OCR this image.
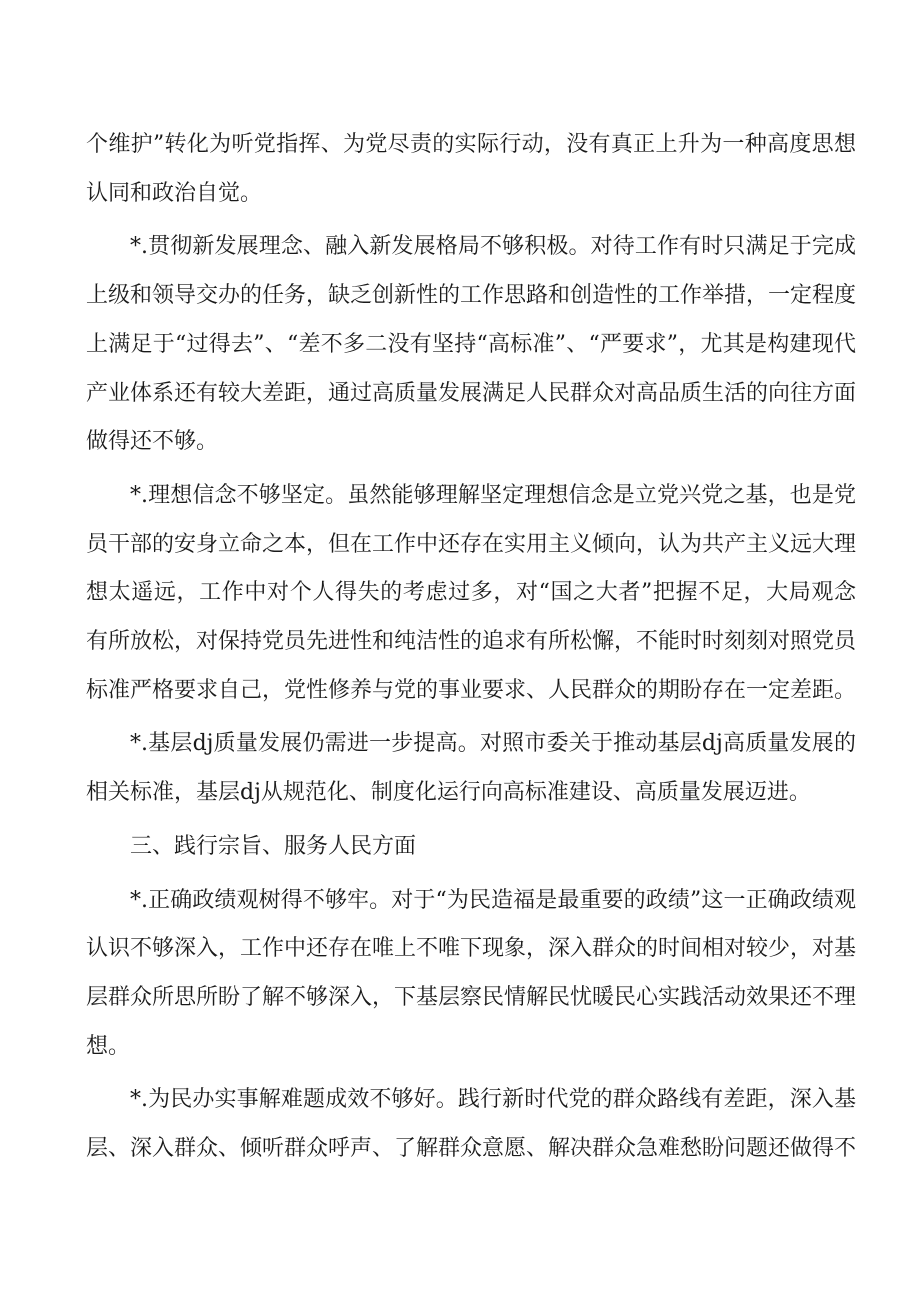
个维护”转化为听党指挥、为党尽责的实际行动，没有真正上升为一种高度思想认同和政治自觉。

*.贯彻新发展理念、融入新发展格局不够积极。对待工作有时只满足于完成上级和领导交办的任务，缺乏创新性的工作思路和创造性的工作举措，一定程度上满足于“过得去”、“差不多二没有坚持“高标准”、“严要求”，尤其是构建现代产业体系还有较大差距，通过高质量发展满足人民群众对高品质生活的向往方面做得还不够。

*.理想信念不够坚定。虽然能够理解坚定理想信念是立党兴党之基，也是党员干部的安身立命之本，但在工作中还存在实用主义倾向，认为共产主义远大理想太遥远，工作中对个人得失的考虑过多，对“国之大者”把握不足，大局观念有所放松，对保持党员先进性和纯洁性的追求有所松懈，不能时时刻刻对照党员标准严格要求自己，党性修养与党的事业要求、人民群众的期盼存在一定差距。

*.基层dj质量发展仍需进一步提高。对照市委关于推动基层dj高质量发展的相关标准，基层dj从规范化、制度化运行向高标准建设、高质量发展迈进。

三、践行宗旨、服务人民方面

*.正确政绩观树得不够牢。对于“为民造福是最重要的政绩”这一正确政绩观认识不够深入，工作中还存在唯上不唯下现象，深入群众的时间相对较少，对基层群众所思所盼了解不够深入，下基层察民情解民忧暖民心实践活动效果还不理想。

*.为民办实事解难题成效不够好。践行新时代党的群众路线有差距，深入基层、深入群众、倾听群众呼声、了解群众意愿、解决群众急难愁盼问题还做得不
